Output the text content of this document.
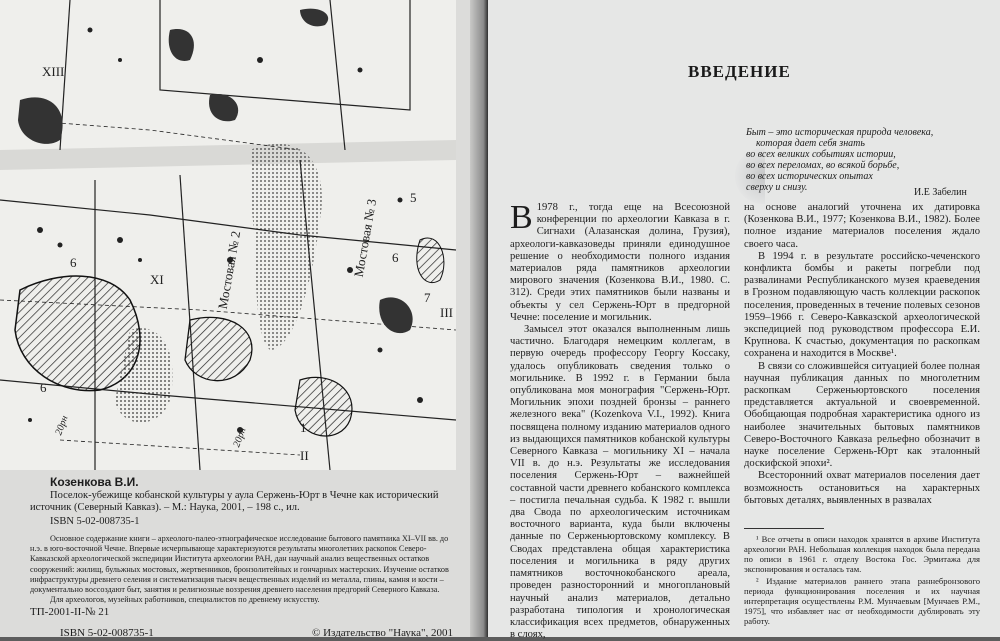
XIII
Мостовая № 2	Мостовая № 3
XI
III
6	6
6
1
5
7
20рн
20рн
II
Козенкова В.И.
Поселок-убежище кобанской культуры у аула Сержень-Юрт в Чечне как исторический источник (Северный Кавказ). – М.: Наука, 2001, – 198 с., ил.
ISBN 5-02-008735-1
Основное содержание книги – археолого-палео-этнографическое исследование бытового памятника XI–VII вв. до н.э. в юго-восточной Чечне. Впервые исчерпывающе характеризуются результаты многолетних раскопок Северо-Кавказской археологической экспедиции Института археологии РАН, дан научный анализ вещественных остатков сооружений: жилищ, бульжных мостовых, жертвенников, бронзолитейных и гончарных мастерских. Изучение остатков инфраструктуры древнего селения и систематизация тысяч вещественных изделий из металла, глины, камня и кости – документально воссоздают быт, занятия и религиозные воззрения древнего населения предгорий Северного Кавказа.
Для археологов, музейных работников, специалистов по древнему искусству.
ТП-2001-II-№ 21
ISBN 5-02-008735-1	© Издательство "Наука", 2001
ВВЕДЕНИЕ
Быт – это историческая природа человека,
которая дает себя знать
во всех великих событиях истории,
во всех переломах, во всякой борьбе,
во всех исторических опытах
сверху и снизу.	И.Е Забелин

В 1978 г., тогда еще на Всесоюзной конференции по археологии Кавказа в г. Сигнахи (Алазанская долина, Грузия), археологи-кавказоведы приняли единодушное решение о необходимости полного издания материалов ряда памятников археологии мирового значения (Козенкова В.И., 1980. С. 312). Среди этих памятников были названы и объекты у сел Сержень-Юрт в предгорной Чечне: поселение и могильник.

Замысел этот оказался выполненным лишь частично. Благодаря немецким коллегам, в первую очередь профессору Георгу Коссаку, удалось опубликовать сведения только о могильнике. В 1992 г. в Германии была опубликована моя монография "Сержень-Юрт. Могильник эпохи поздней бронзы – раннего железного века" (Kozenkova V.I., 1992). Книга посвящена полному изданию материалов одного из выдающихся памятников кобанской культуры Северного Кавказа – могильнику XI – начала VII в. до н.э. Результаты же исследования поселения Сержень-Юрт – важнейшей составной части древнего кобанского комплекса – постигла печальная судьба. К 1982 г. вышли два Свода по археологическим источникам восточного варианта, куда были включены данные по Серженьюртовскому комплексу. В Сводах представлена общая характеристика поселения и могильника в ряду других памятников восточнокобанского ареала, проведен разносторонний и многоплановый научный анализ материалов, детально разработана типология и хронологическая классификация всех предметов, обнаруженных в слоях,

на основе аналогий уточнена их датировка (Козенкова В.И., 1977; Козенкова В.И., 1982). Более полное издание материалов поселения ждало своего часа.

В 1994 г. в результате российско-чеченского конфликта бомбы и ракеты погребли под развалинами Республиканского музея краеведения в Грозном подавляющую часть коллекции раскопок поселения, проведенных в течение полевых сезонов 1959–1966 г. Северо-Кавказской археологической экспедицией под руководством профессора Е.И. Крупнова. К счастью, документация по раскопкам сохранена и находится в Москве¹.

В связи со сложившейся ситуацией более полная научная публикация данных по многолетним раскопкам Серженьюртовского поселения представляется актуальной и своевременной. Обобщающая подробная характеристика одного из наиболее значительных бытовых памятников Северо-Восточного Кавказа рельефно обозначит в науке поселение Сержень-Юрт как эталонный доскифской эпохи².

Всесторонний охват материалов поселения дает возможность остановиться на характерных бытовых деталях, выявленных в развалах

¹ Все отчеты в описи находок хранятся в архиве Института археологии РАН. Небольшая коллекция находок была передана по описи в 1961 г. отделу Востока Гос. Эрмитажа для экспонирования и осталась там.

² Издание материалов раннего этапа раннебронзового периода функционирования поселения и их научная интерпретация осуществлены Р.М. Мунчаевым [Мунчаев Р.М., 1975], что избавляет нас от необходимости дублировать эту работу.
